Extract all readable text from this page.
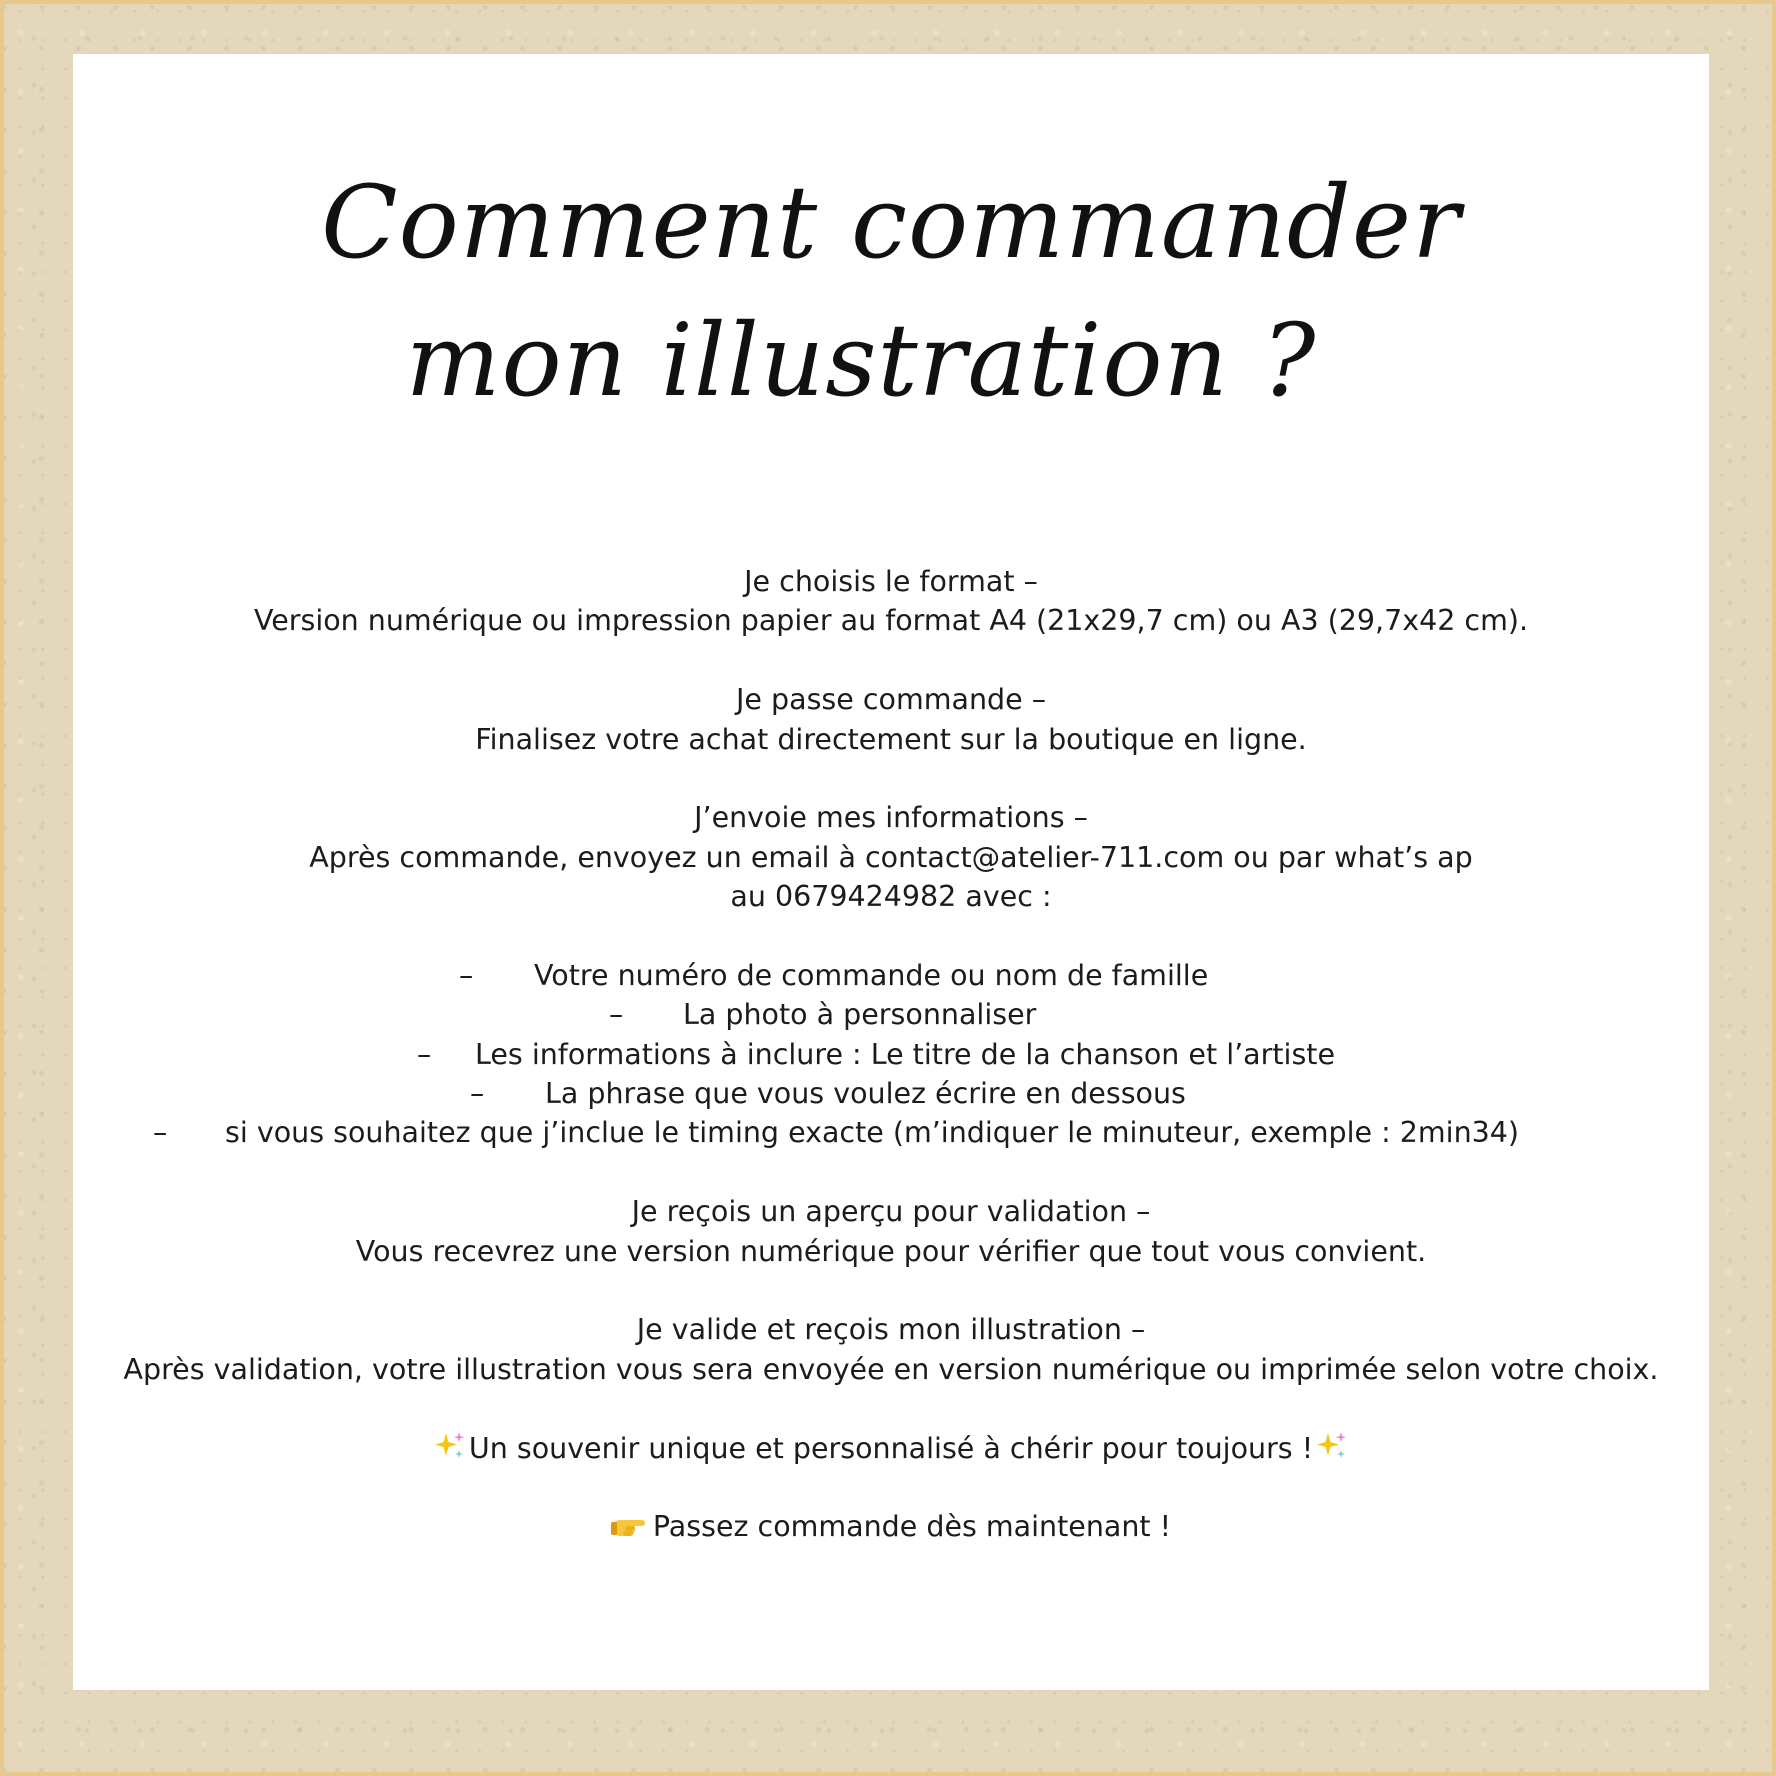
Comment commander
mon illustration ?
Je choisis le format –
Version numérique ou impression papier au format A4 (21x29,7 cm) ou A3 (29,7x42 cm).
Je passe commande –
Finalisez votre achat directement sur la boutique en ligne.
J’envoie mes informations –
Après commande, envoyez un email à contact@atelier-711.com ou par what’s ap
au 0679424982 avec :
– Votre numéro de commande ou nom de famille
– La photo à personnaliser
– Les informations à inclure : Le titre de la chanson et l’artiste
– La phrase que vous voulez écrire en dessous
– si vous souhaitez que j’inclue le timing exacte (m’indiquer le minuteur, exemple : 2min34)
Je reçois un aperçu pour validation –
Vous recevrez une version numérique pour vérifier que tout vous convient.
Je valide et reçois mon illustration –
Après validation, votre illustration vous sera envoyée en version numérique ou imprimée selon votre choix.
Un souvenir unique et personnalisé à chérir pour toujours !
Passez commande dès maintenant !
